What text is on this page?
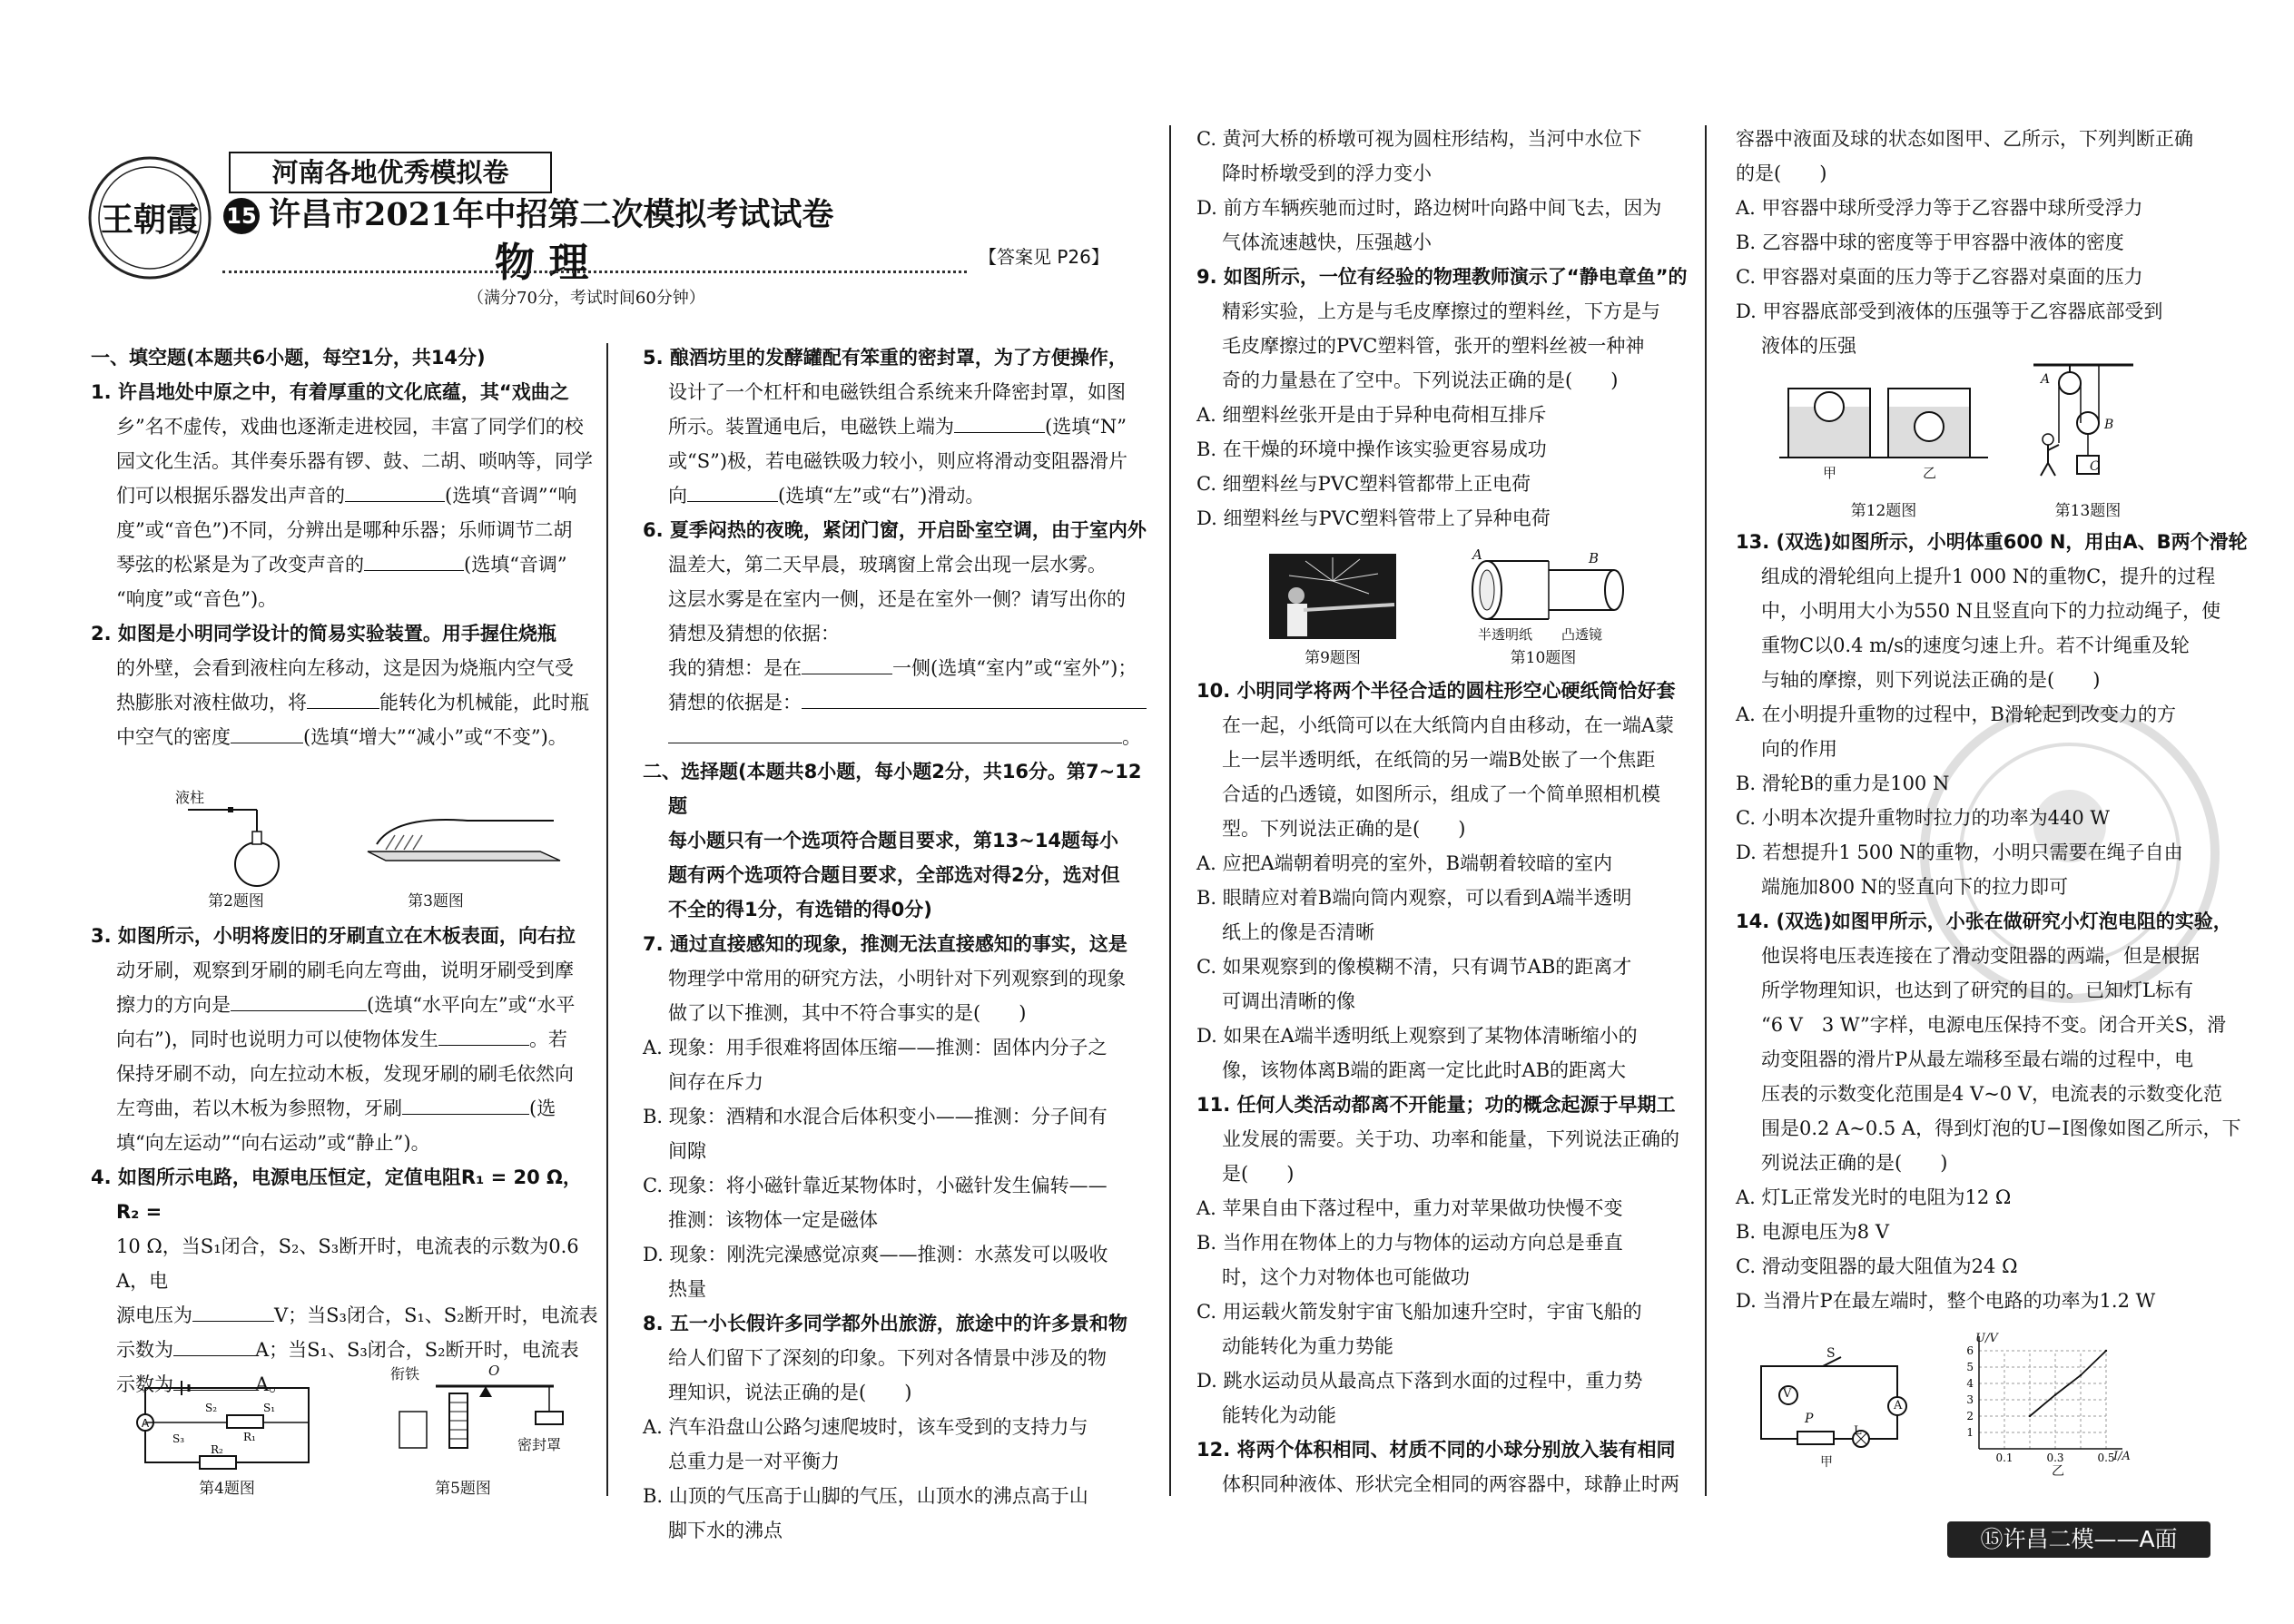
王朝霞
河南各地优秀模拟卷
15 许昌市2021年中招第二次模拟考试试卷
物 理	【答案见 P26】
（满分70分，考试时间60分钟）

一、填空题(本题共6小题，每空1分，共14分)

1. 许昌地处中原之中，有着厚重的文化底蕴，其“戏曲之
乡”名不虚传，戏曲也逐渐走进校园，丰富了同学们的校
园文化生活。其伴奏乐器有锣、鼓、二胡、唢呐等，同学
们可以根据乐器发出声音的	(选填“音调”“响
度”或“音色”)不同，分辨出是哪种乐器；乐师调节二胡
琴弦的松紧是为了改变声音的	(选填“音调”
“响度”或“音色”)。

2. 如图是小明同学设计的简易实验装置。用手握住烧瓶
的外壁，会看到液柱向左移动，这是因为烧瓶内空气受
热膨胀对液柱做功，将	能转化为机械能，此时瓶
中空气的密度	(选填“增大”“减小”或“不变”)。

液柱
第2题图	第3题图

3. 如图所示，小明将废旧的牙刷直立在木板表面，向右拉
动牙刷，观察到牙刷的刷毛向左弯曲，说明牙刷受到摩
擦力的方向是	(选填“水平向左”或“水平
向右”)，同时也说明力可以使物体发生	。若
保持牙刷不动，向左拉动木板，发现牙刷的刷毛依然向
左弯曲，若以木板为参照物，牙刷	(选
填“向左运动”“向右运动”或“静止”)。

4. 如图所示电路，电源电压恒定，定值电阻R₁ = 20 Ω，R₂ =
10 Ω，当S₁闭合，S₂、S₃断开时，电流表的示数为0.6 A，电
源电压为	V；当S₃闭合，S₁、S₂断开时，电流表
示数为	A；当S₁、S₃闭合，S₂断开时，电流表
示数为	A。

A
R₁
R₂
S₁
S₂
S₃
第4题图
衔铁	O
密封罩
第5题图

5. 酿酒坊里的发酵罐配有笨重的密封罩，为了方便操作，
设计了一个杠杆和电磁铁组合系统来升降密封罩，如图
所示。装置通电后，电磁铁上端为	(选填“N”
或“S”)极，若电磁铁吸力较小，则应将滑动变阻器滑片
向	(选填“左”或“右”)滑动。

6. 夏季闷热的夜晚，紧闭门窗，开启卧室空调，由于室内外
温差大，第二天早晨，玻璃窗上常会出现一层水雾。
这层水雾是在室内一侧，还是在室外一侧？请写出你的
猜想及猜想的依据：
我的猜想：是在	一侧(选填“室内”或“室外”)；
猜想的依据是：
。

二、选择题(本题共8小题，每小题2分，共16分。第7~12题
每小题只有一个选项符合题目要求，第13~14题每小
题有两个选项符合题目要求，全部选对得2分，选对但
不全的得1分，有选错的得0分)

7. 通过直接感知的现象，推测无法直接感知的事实，这是
物理学中常用的研究方法，小明针对下列观察到的现象
做了以下推测，其中不符合事实的是(　　)

A. 现象：用手很难将固体压缩——推测：固体内分子之
间存在斥力

B. 现象：酒精和水混合后体积变小——推测：分子间有
间隙

C. 现象：将小磁针靠近某物体时，小磁针发生偏转——
推测：该物体一定是磁体

D. 现象：刚洗完澡感觉凉爽——推测：水蒸发可以吸收
热量

8. 五一小长假许多同学都外出旅游，旅途中的许多景和物
给人们留下了深刻的印象。下列对各情景中涉及的物
理知识，说法正确的是(　　)

A. 汽车沿盘山公路匀速爬坡时，该车受到的支持力与
总重力是一对平衡力

B. 山顶的气压高于山脚的气压，山顶水的沸点高于山
脚下水的沸点

C. 黄河大桥的桥墩可视为圆柱形结构，当河中水位下
降时桥墩受到的浮力变小

D. 前方车辆疾驰而过时，路边树叶向路中间飞去，因为
气体流速越快，压强越小

9. 如图所示，一位有经验的物理教师演示了“静电章鱼”的
精彩实验，上方是与毛皮摩擦过的塑料丝，下方是与
毛皮摩擦过的PVC塑料管，张开的塑料丝被一种神
奇的力量悬在了空中。下列说法正确的是(　　)

A. 细塑料丝张开是由于异种电荷相互排斥

B. 在干燥的环境中操作该实验更容易成功

C. 细塑料丝与PVC塑料管都带上正电荷

D. 细塑料丝与PVC塑料管带上了异种电荷

第9题图
A	B
半透明纸 凸透镜
第10题图

10. 小明同学将两个半径合适的圆柱形空心硬纸筒恰好套
在一起，小纸筒可以在大纸筒内自由移动，在一端A蒙
上一层半透明纸，在纸筒的另一端B处嵌了一个焦距
合适的凸透镜，如图所示，组成了一个简单照相机模
型。下列说法正确的是(　　)

A. 应把A端朝着明亮的室外，B端朝着较暗的室内

B. 眼睛应对着B端向筒内观察，可以看到A端半透明
纸上的像是否清晰

C. 如果观察到的像模糊不清，只有调节AB的距离才
可调出清晰的像

D. 如果在A端半透明纸上观察到了某物体清晰缩小的
像，该物体离B端的距离一定比此时AB的距离大

11. 任何人类活动都离不开能量；功的概念起源于早期工
业发展的需要。关于功、功率和能量，下列说法正确的
是(　　)

A. 苹果自由下落过程中，重力对苹果做功快慢不变

B. 当作用在物体上的力与物体的运动方向总是垂直
时，这个力对物体也可能做功

C. 用运载火箭发射宇宙飞船加速升空时，宇宙飞船的
动能转化为重力势能

D. 跳水运动员从最高点下落到水面的过程中，重力势
能转化为动能

12. 将两个体积相同、材质不同的小球分别放入装有相同
体积同种液体、形状完全相同的两容器中，球静止时两

容器中液面及球的状态如图甲、乙所示，下列判断正确
的是(　　)

A. 甲容器中球所受浮力等于乙容器中球所受浮力

B. 乙容器中球的密度等于甲容器中液体的密度

C. 甲容器对桌面的压力等于乙容器对桌面的压力

D. 甲容器底部受到液体的压强等于乙容器底部受到
液体的压强

甲	乙
第12题图
A
B
C
第13题图

13. (双选)如图所示，小明体重600 N，用由A、B两个滑轮
组成的滑轮组向上提升1 000 N的重物C，提升的过程
中，小明用大小为550 N且竖直向下的力拉动绳子，使
重物C以0.4 m/s的速度匀速上升。若不计绳重及轮
与轴的摩擦，则下列说法正确的是(　　)

A. 在小明提升重物的过程中，B滑轮起到改变力的方
向的作用

B. 滑轮B的重力是100 N

C. 小明本次提升重物时拉力的功率为440 W

D. 若想提升1 500 N的重物，小明只需要在绳子自由
端施加800 N的竖直向下的拉力即可

14. (双选)如图甲所示，小张在做研究小灯泡电阻的实验，
他误将电压表连接在了滑动变阻器的两端，但是根据
所学物理知识，也达到了研究的目的。已知灯L标有
“6 V　3 W”字样，电源电压保持不变。闭合开关S，滑
动变阻器的滑片P从最左端移至最右端的过程中，电
压表的示数变化范围是4 V~0 V，电流表的示数变化范
围是0.2 A~0.5 A，得到灯泡的U−I图像如图乙所示，下
列说法正确的是(　　)

A. 灯L正常发光时的电阻为12 Ω

B. 电源电压为8 V

C. 滑动变阻器的最大阻值为24 Ω

D. 当滑片P在最左端时，整个电路的功率为1.2 W

S
V
P
A
L
甲
U/V
I/A
乙
1
2
3
4
5
6
0.1	0.3	0.5
⑮许昌二模——A面
